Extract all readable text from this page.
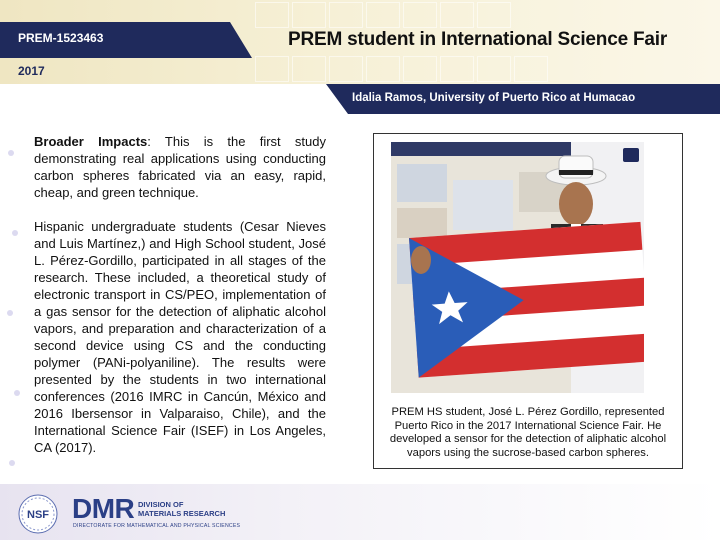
PREM-1523463
2017
PREM student in International Science Fair
Idalia Ramos, University of Puerto Rico at Humacao

Broader Impacts: This is the first study demonstrating real applications using conducting carbon spheres fabricated via an easy, rapid, cheap, and green technique.

Hispanic undergraduate students (Cesar Nieves and Luis Martínez,) and High School student, José L. Pérez-Gordillo, participated in all stages of the research. These included, a theoretical study of electronic transport in CS/PEO, implementation of a gas sensor for the detection of aliphatic alcohol vapors, and preparation and characterization of a second device using CS and the conducting polymer (PANi-polyaniline). The results were presented by the students in two international conferences (2016 IMRC in Cancún, México and 2016 Ibersensor in Valparaiso, Chile), and the International Science Fair (ISEF) in Los Angeles, CA (2017).

PREM HS student, José L. Pérez Gordillo, represented Puerto Rico in the 2017 International Science Fair. He developed a sensor for the detection of aliphatic alcohol vapors using the sucrose-based carbon spheres.
NSF DMR DIVISION OF
MATERIALS RESEARCH
DIRECTORATE FOR MATHEMATICAL AND PHYSICAL SCIENCES
